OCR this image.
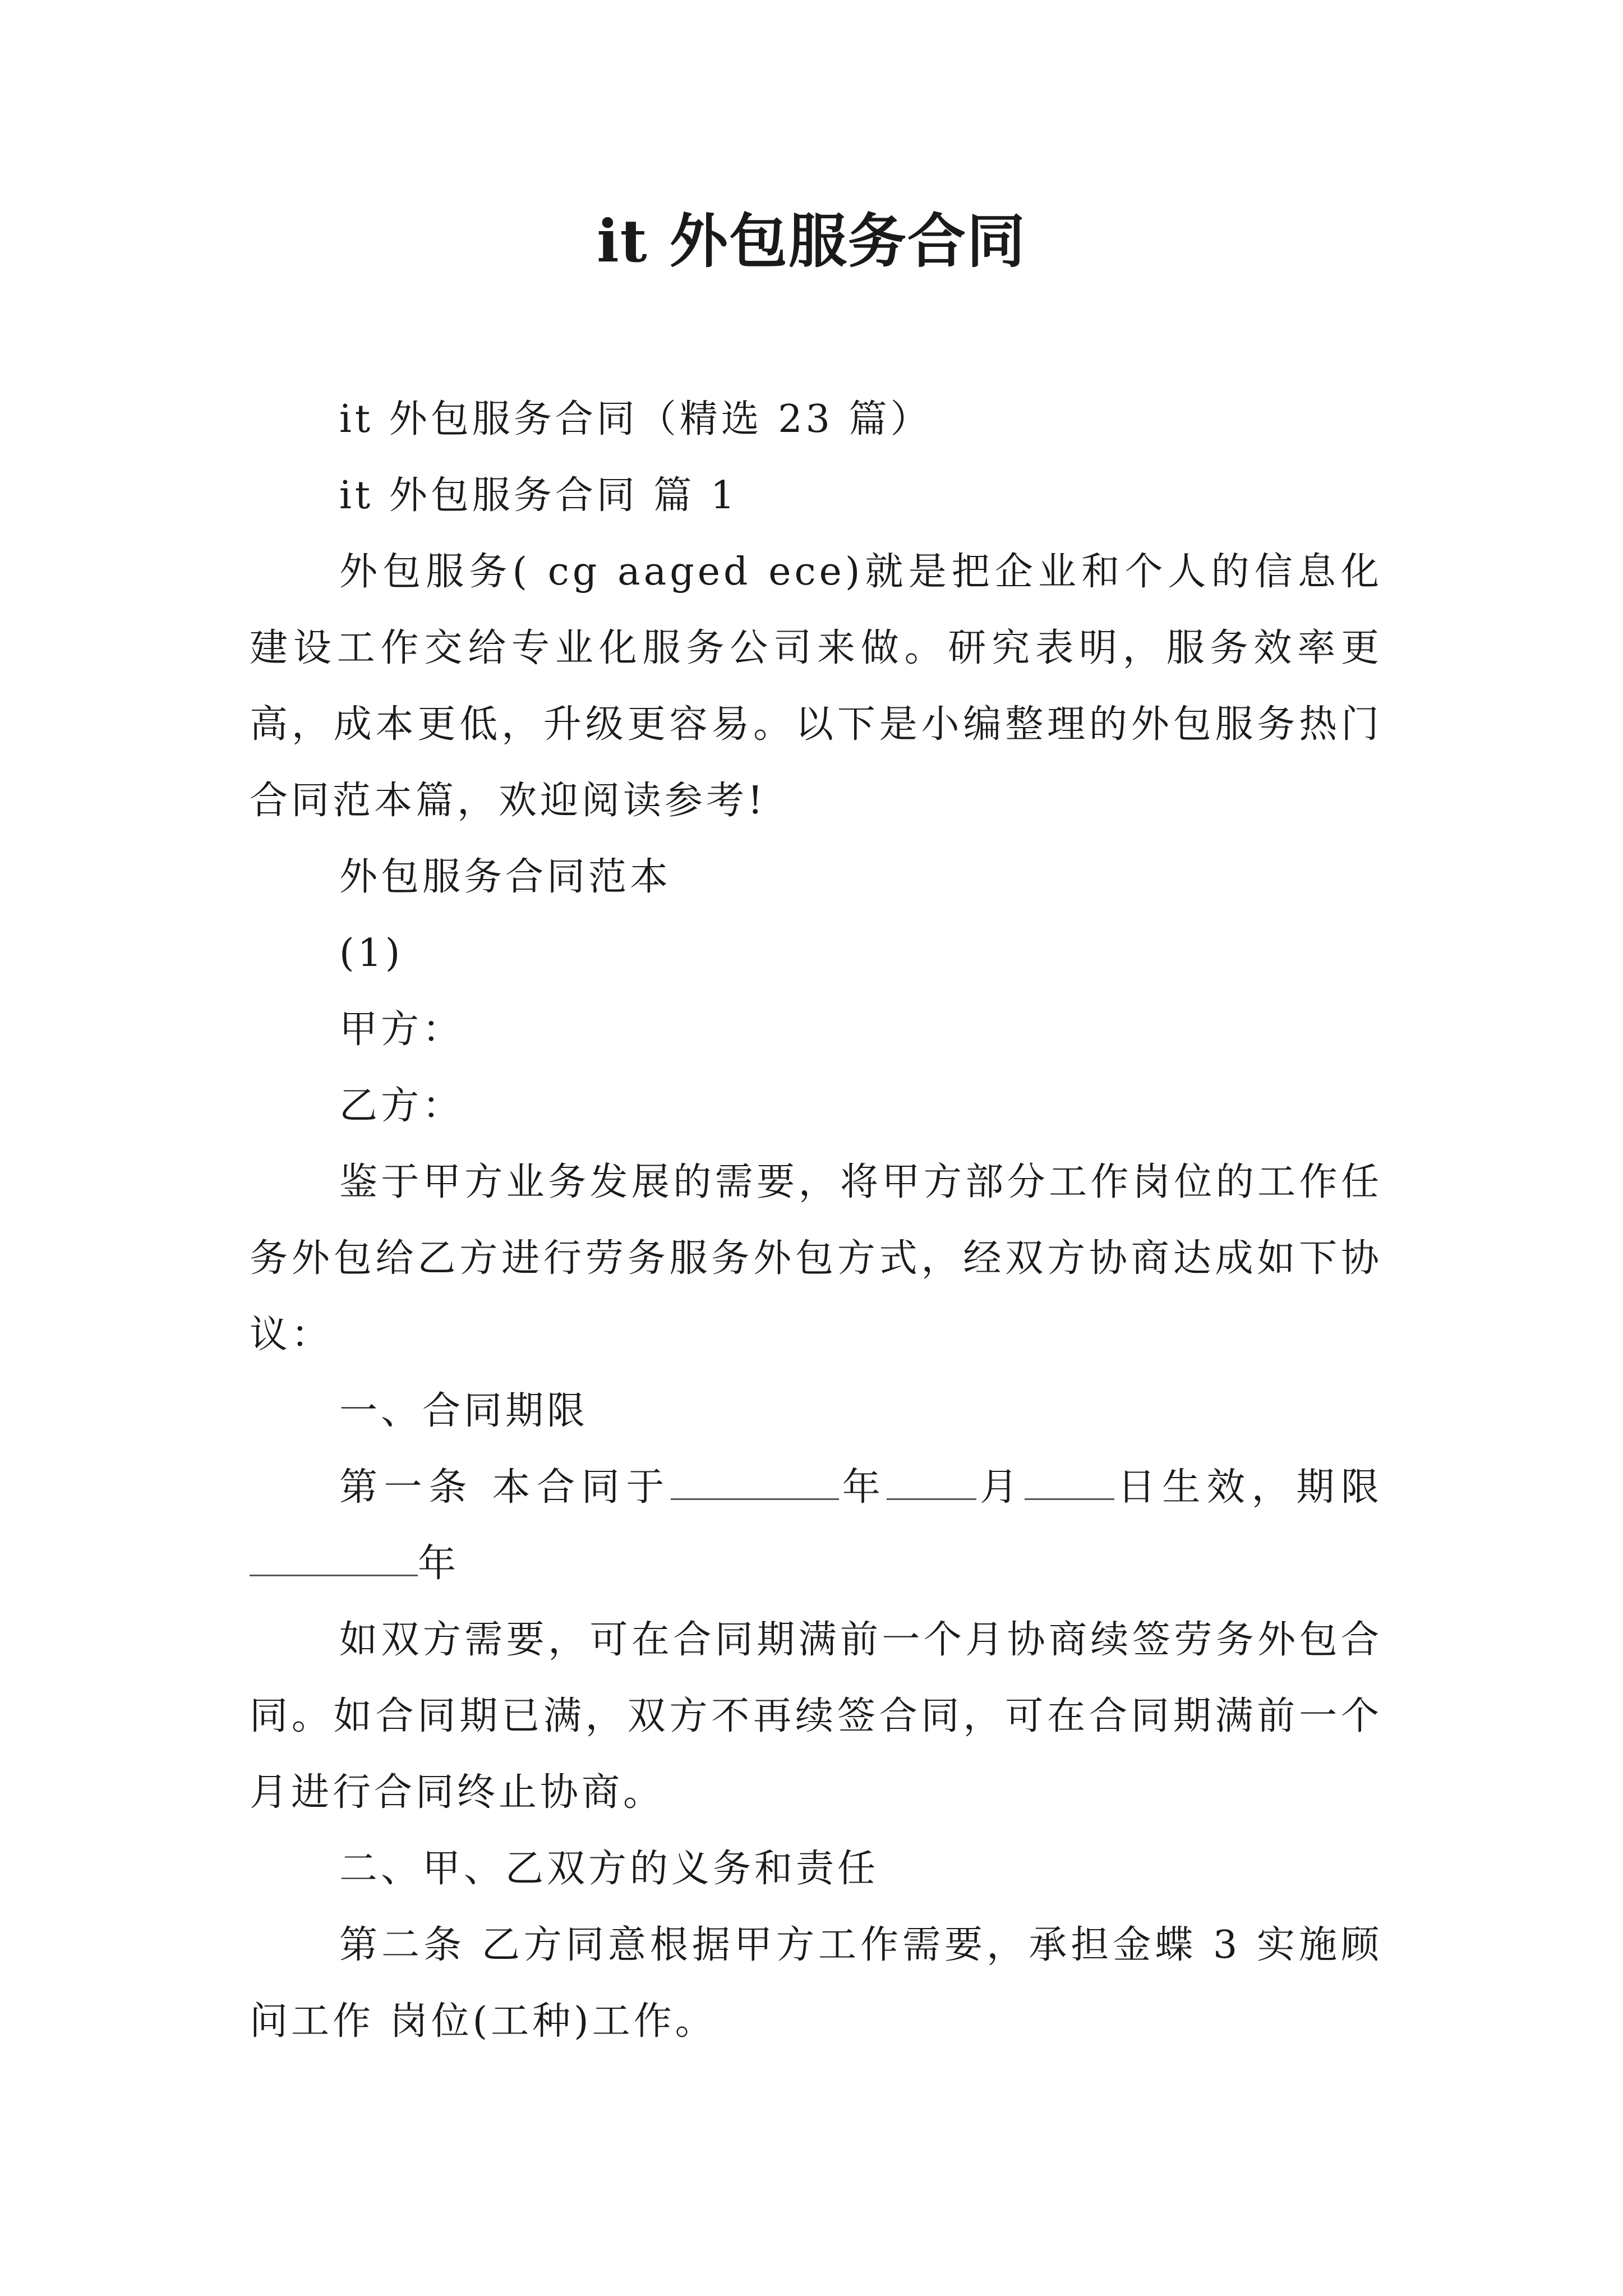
it 外包服务合同

it 外包服务合同（精选 23 篇）

it 外包服务合同 篇 1

外包服务( cg aaged ece)就是把企业和个人的信息化建设工作交给专业化服务公司来做。研究表明，服务效率更高，成本更低，升级更容易。以下是小编整理的外包服务热门合同范本篇，欢迎阅读参考!

外包服务合同范本

(1)

甲方：

乙方：

鉴于甲方业务发展的需要，将甲方部分工作岗位的工作任务外包给乙方进行劳务服务外包方式，经双方协商达成如下协议：

一、合同期限

第一条 本合同于	年 月 日生效，期限年

如双方需要，可在合同期满前一个月协商续签劳务外包合同。如合同期已满，双方不再续签合同，可在合同期满前一个月进行合同终止协商。

二、甲、乙双方的义务和责任

第二条 乙方同意根据甲方工作需要，承担金蝶 3 实施顾问工作 岗位(工种)工作。
